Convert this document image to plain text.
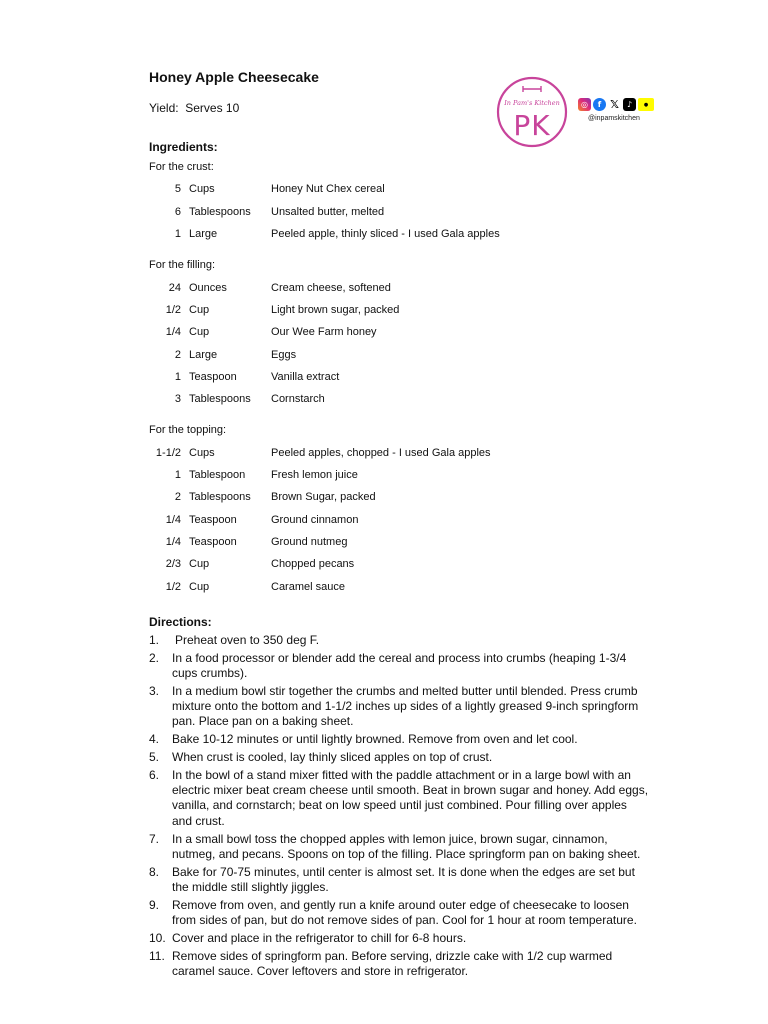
Honey Apple Cheesecake
Yield:  Serves 10	In Pam's Kitchen
PK
◎	f 𝕏	♪	●
@inpamskitchen
Ingredients:
For the crust:
5 Cups	Honey Nut Chex cereal
6 Tablespoons Unsalted butter, melted
1 Large	Peeled apple, thinly sliced - I used Gala apples
For the filling:
24 Ounces	Cream cheese, softened
1/2 Cup	Light brown sugar, packed
1/4 Cup	Our Wee Farm honey
2 Large	Eggs
1 Teaspoon	Vanilla extract
3 Tablespoons Cornstarch
For the topping:
1-1/2 Cups	Peeled apples, chopped - I used Gala apples
1 Tablespoon Fresh lemon juice
2 Tablespoons Brown Sugar, packed
1/4 Teaspoon	Ground cinnamon
1/4 Teaspoon	Ground nutmeg
2/3 Cup	Chopped pecans
1/2 Cup	Caramel sauce
Directions:
1. Preheat oven to 350 deg F.
2. In a food processor or blender add the cereal and process into crumbs (heaping 1-3/4 cups crumbs).
3. In a medium bowl stir together the crumbs and melted butter until blended. Press crumb mixture onto the bottom and 1-1/2 inches up sides of a lightly greased 9-inch springform pan. Place pan on a baking sheet.
4. Bake 10-12 minutes or until lightly browned. Remove from oven and let cool.
5. When crust is cooled, lay thinly sliced apples on top of crust.
6. In the bowl of a stand mixer fitted with the paddle attachment or in a large bowl with an electric mixer beat cream cheese until smooth. Beat in brown sugar and honey. Add eggs, vanilla, and cornstarch; beat on low speed until just combined. Pour filling over apples and crust.
7. In a small bowl toss the chopped apples with lemon juice, brown sugar, cinnamon, nutmeg, and pecans. Spoons on top of the filling. Place springform pan on baking sheet.
8. Bake for 70-75 minutes, until center is almost set. It is done when the edges are set but the middle still slightly jiggles.
9. Remove from oven, and gently run a knife around outer edge of cheesecake to loosen from sides of pan, but do not remove sides of pan. Cool for 1 hour at room temperature.
10. Cover and place in the refrigerator to chill for 6-8 hours.
11. Remove sides of springform pan. Before serving, drizzle cake with 1/2 cup warmed caramel sauce. Cover leftovers and store in refrigerator.
